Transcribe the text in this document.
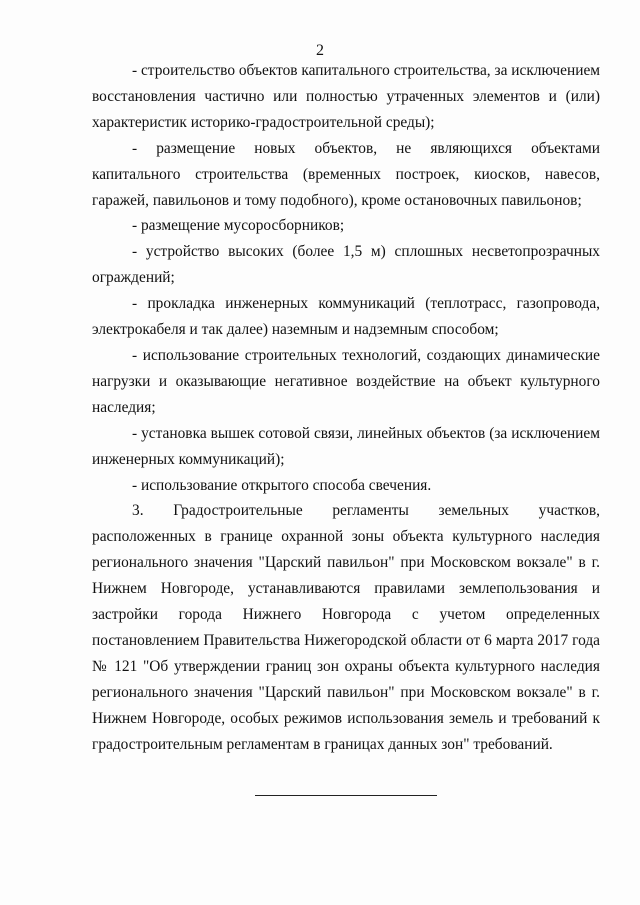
2

- строительство объектов капитального строительства, за исключением восстановления частично или полностью утраченных элементов и (или) характеристик историко-градостроительной среды);

- размещение новых объектов, не являющихся объектами капитального строительства (временных построек, киосков, навесов, гаражей, павильонов и тому подобного), кроме остановочных павильонов;

- размещение мусоросборников;

- устройство высоких (более 1,5 м) сплошных несветопрозрачных ограждений;

- прокладка инженерных коммуникаций (теплотрасс, газопровода, электрокабеля и так далее) наземным и надземным способом;

- использование строительных технологий, создающих динамические нагрузки и оказывающие негативное воздействие на объект культурного наследия;

- установка вышек сотовой связи, линейных объектов (за исключением инженерных коммуникаций);

- использование открытого способа свечения.

3. Градостроительные регламенты земельных участков, расположенных в границе охранной зоны объекта культурного наследия регионального значения "Царский павильон" при Московском вокзале" в г. Нижнем Новгороде, устанавливаются правилами землепользования и застройки города Нижнего Новгорода с учетом определенных постановлением Правительства Нижегородской области от 6 марта 2017 года № 121 "Об утверждении границ зон охраны объекта культурного наследия регионального значения "Царский павильон" при Московском вокзале" в г. Нижнем Новгороде, особых режимов использования земель и требований к градостроительным регламентам в границах данных зон" требований.
